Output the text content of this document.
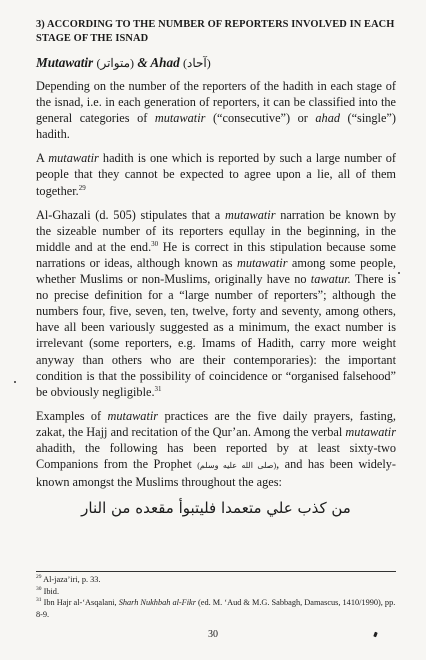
3) ACCORDING TO THE NUMBER OF REPORTERS INVOLVED IN EACH STAGE OF THE ISNAD
Mutawatir (متواتر) & Ahad (آحاد)

Depending on the number of the reporters of the hadith in each stage of the isnad, i.e. in each generation of reporters, it can be classified into the general categories of mutawatir (“consecutive”) or ahad (“single”) hadith.

A mutawatir hadith is one which is reported by such a large number of people that they cannot be expected to agree upon a lie, all of them together.$^{29}$

Al-Ghazali (d. 505) stipulates that a mutawatir narration be known by the sizeable number of its reporters equllay in the beginning, in the middle and at the end.$^{30}$ He is correct in this stipulation because some narrations or ideas, although known as mutawatir among some people, whether Muslims or non-Muslims, originally have no tawatur. There is no precise definition for a “large number of reporters”; although the numbers four, five, seven, ten, twelve, forty and seventy, among others, have all been variously suggested as a minimum, the exact number is irrelevant (some reporters, e.g. Imams of Hadith, carry more weight anyway than others who are their contemporaries): the important condition is that the possibility of coincidence or “organised falsehood” be obviously negligible.$^{31}$

Examples of mutawatir practices are the five daily prayers, fasting, zakat, the Hajj and recitation of the Qur’an. Among the verbal mutawatir ahadith, the following has been reported by at least sixty-two Companions from the Prophet (صلى الله عليه وسلم), and has been widely-known amongst the Muslims throughout the ages:

من كذب علي متعمدا فليتبوأ مقعده من النار
$^{29}$ Al-jaza’iri, p. 33.
$^{30}$ Ibid.
$^{31}$ Ibn Hajr al-‘Asqalani, Sharh Nukhbah al-Fikr (ed. M. ‘Aud & M.G. Sabbagh, Damascus, 1410/1990), pp. 8-9.
30
